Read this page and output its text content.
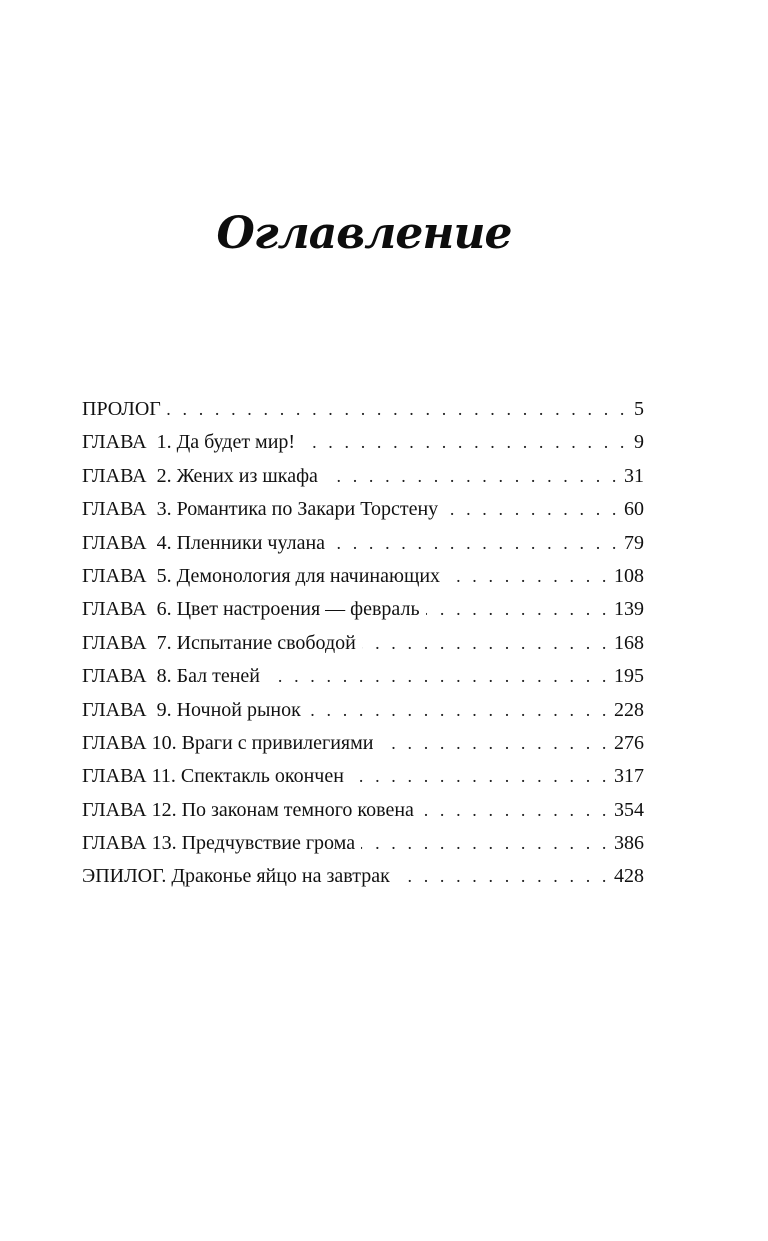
Оглавление
ПРОЛОГ . . .	5
ГЛАВА  1. Да будет мир! . . .	9
ГЛАВА  2. Жених из шкафа . . .	31
ГЛАВА  3. Романтика по Закари Торстену . . .	60
ГЛАВА  4. Пленники чулана . . .	79
ГЛАВА  5. Демонология для начинающих . . .	108
ГЛАВА  6. Цвет настроения — февраль . . .	139
ГЛАВА  7. Испытание свободой . . .	168
ГЛАВА  8. Бал теней . . .	195
ГЛАВА  9. Ночной рынок . . .	228
ГЛАВА 10. Враги с привилегиями . . .	276
ГЛАВА 11. Спектакль окончен . . .	317
ГЛАВА 12. По законам темного ковена . . .	354
ГЛАВА 13. Предчувствие грома . . .	386
ЭПИЛОГ. Драконье яйцо на завтрак . . .	428
